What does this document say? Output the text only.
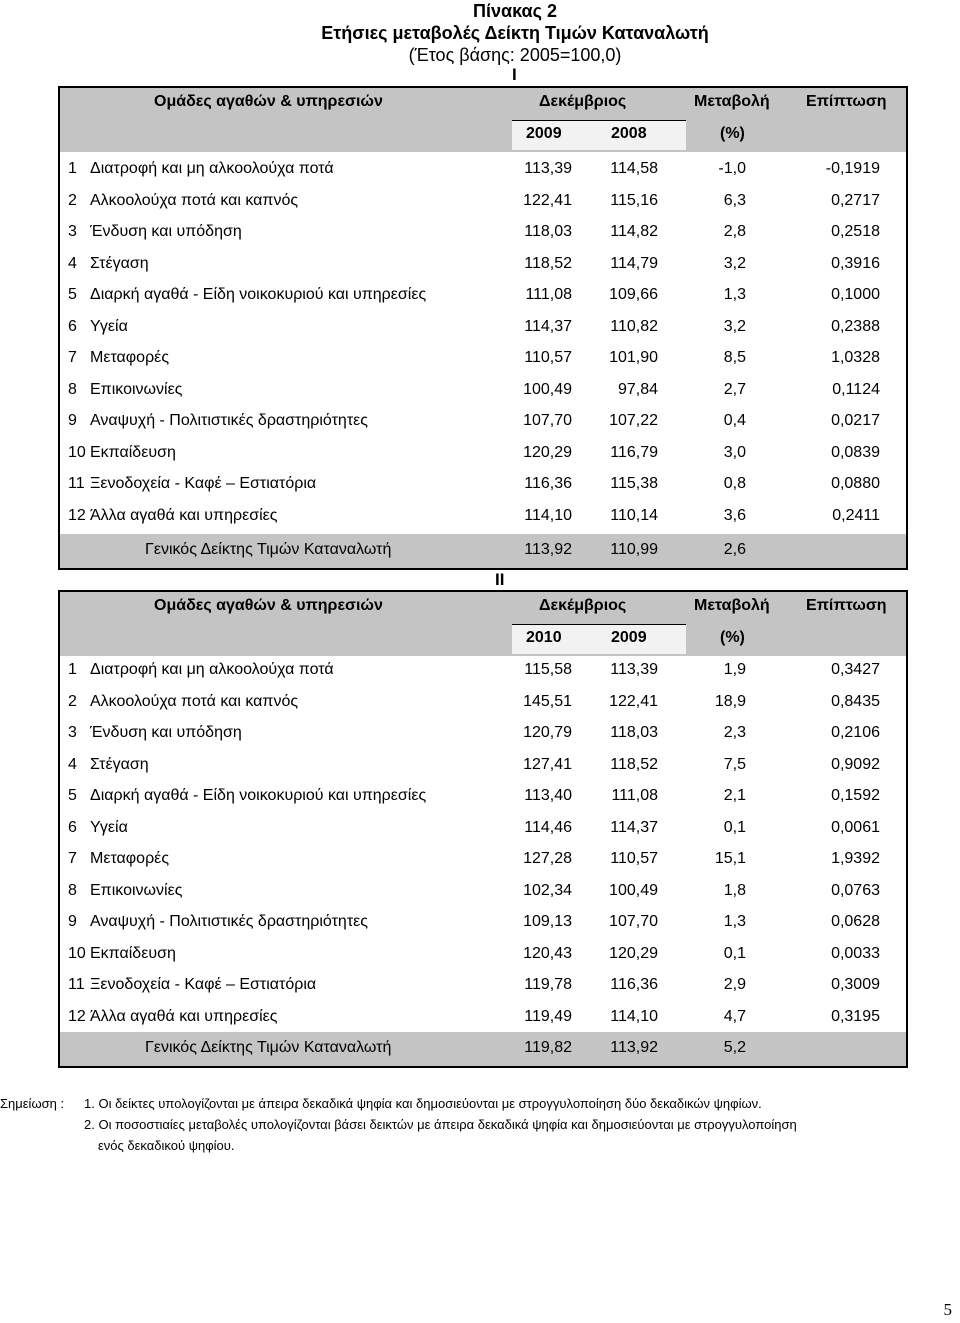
Πίνακας 2
Ετήσιες μεταβολές Δείκτη Τιμών Καταναλωτή
(Έτος βάσης: 2005=100,0)
I
Ομάδες αγαθών & υπηρεσιών	Δεκέμβριος	Μεταβολή Επίπτωση
2009	2008	(%)
1 Διατροφή και μη αλκοολούχα ποτά	113,39 114,58	-1,0	-0,1919
2 Αλκοολούχα ποτά και καπνός	122,41 115,16	6,3	0,2717
3 Ένδυση και υπόδηση	118,03 114,82	2,8	0,2518
4 Στέγαση	118,52 114,79	3,2	0,3916
5 Διαρκή αγαθά - Είδη νοικοκυριού και υπηρεσίες	111,08 109,66	1,3	0,1000
6 Υγεία	114,37 110,82	3,2	0,2388
7 Μεταφορές	110,57 101,90	8,5	1,0328
8 Επικοινωνίες	100,49	97,84	2,7	0,1124
9 Αναψυχή - Πολιτιστικές δραστηριότητες	107,70 107,22	0,4	0,0217
10 Εκπαίδευση	120,29 116,79	3,0	0,0839
11 Ξενοδοχεία - Καφέ – Εστιατόρια	116,36 115,38	0,8	0,0880
12 Άλλα αγαθά και υπηρεσίες	114,10 110,14	3,6	0,2411
Γενικός Δείκτης Τιμών Καταναλωτή	113,92 110,99	2,6
II
Ομάδες αγαθών & υπηρεσιών	Δεκέμβριος	Μεταβολή Επίπτωση
2010	2009	(%)
1 Διατροφή και μη αλκοολούχα ποτά	115,58 113,39	1,9	0,3427
2 Αλκοολούχα ποτά και καπνός	145,51 122,41	18,9	0,8435
3 Ένδυση και υπόδηση	120,79 118,03	2,3	0,2106
4 Στέγαση	127,41 118,52	7,5	0,9092
5 Διαρκή αγαθά - Είδη νοικοκυριού και υπηρεσίες	113,40 111,08	2,1	0,1592
6 Υγεία	114,46 114,37	0,1	0,0061
7 Μεταφορές	127,28 110,57	15,1	1,9392
8 Επικοινωνίες	102,34 100,49	1,8	0,0763
9 Αναψυχή - Πολιτιστικές δραστηριότητες	109,13 107,70	1,3	0,0628
10 Εκπαίδευση	120,43 120,29	0,1	0,0033
11 Ξενοδοχεία - Καφέ – Εστιατόρια	119,78 116,36	2,9	0,3009
12 Άλλα αγαθά και υπηρεσίες	119,49 114,10	4,7	0,3195
Γενικός Δείκτης Τιμών Καταναλωτή	119,82 113,92	5,2
Σημείωση : 1. Οι δείκτες υπολογίζονται με άπειρα δεκαδικά ψηφία και δημοσιεύονται με στρογγυλοποίηση δύο δεκαδικών ψηφίων.
2. Οι ποσοστιαίες μεταβολές υπολογίζονται βάσει δεικτών με άπειρα δεκαδικά ψηφία και δημοσιεύονται με στρογγυλοποίηση
ενός δεκαδικού ψηφίου.
5
